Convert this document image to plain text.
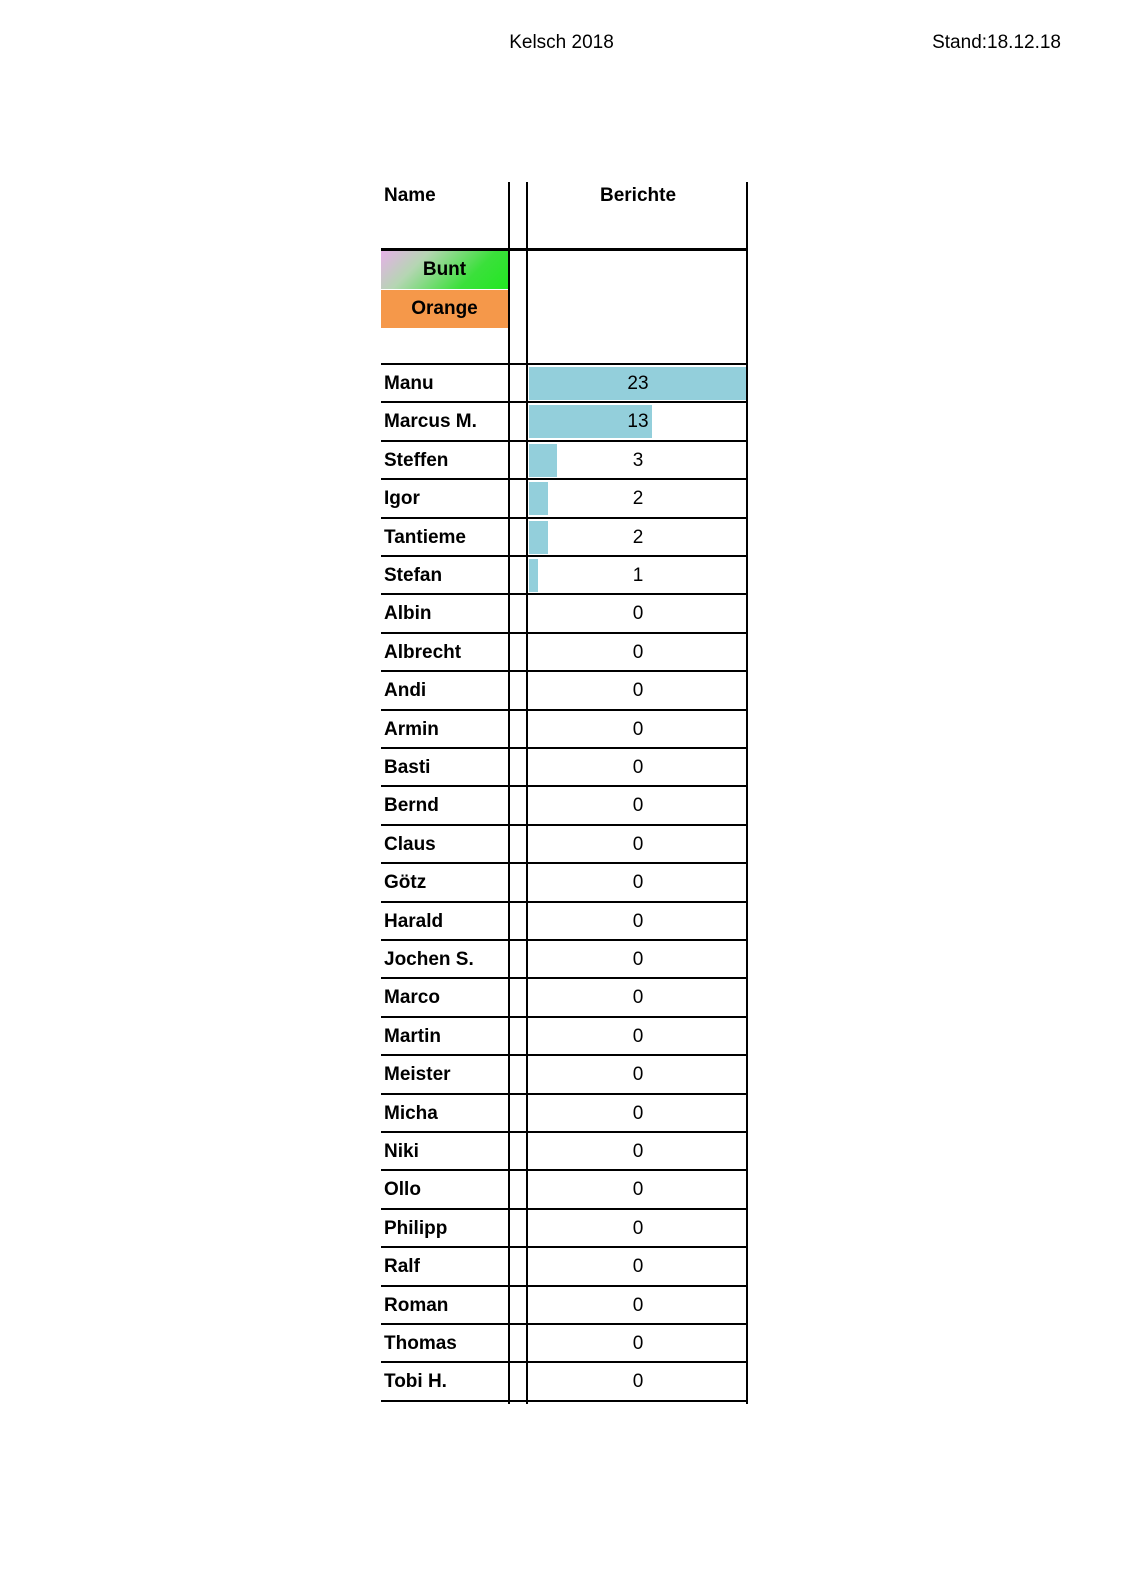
Kelsch 2018	Stand:18.12.18
Name	Berichte
Bunt
Orange
Manu	23
Marcus M.	13
Steffen	3
Igor	2
Tantieme	2
Stefan	1
Albin	0
Albrecht	0
Andi	0
Armin	0
Basti	0
Bernd	0
Claus	0
Götz	0
Harald	0
Jochen S.	0
Marco	0
Martin	0
Meister	0
Micha	0
Niki	0
Ollo	0
Philipp	0
Ralf	0
Roman	0
Thomas	0
Tobi H.	0
